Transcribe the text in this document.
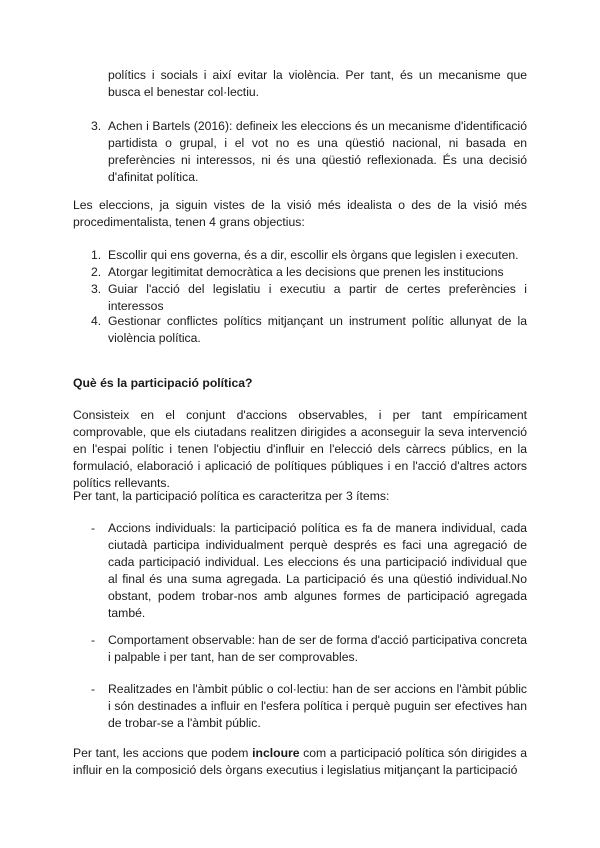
polítics i socials i així evitar la violència. Per tant, és un mecanisme que busca el benestar col·lectiu.

3. Achen i Bartels (2016): defineix les eleccions és un mecanisme d'identificació partidista o grupal, i el vot no es una qüestió nacional, ni basada en preferències ni interessos, ni és una qüestió reflexionada. És una decisió d'afinitat política.

Les eleccions, ja siguin vistes de la visió més idealista o des de la visió més procedimentalista, tenen 4 grans objectius:

1. Escollir qui ens governa, és a dir, escollir els òrgans que legislen i executen.

2. Atorgar legitimitat democràtica a les decisions que prenen les institucions

3. Guiar l'acció del legislatiu i executiu a partir de certes preferències i interessos

4. Gestionar conflictes polítics mitjançant un instrument polític allunyat de la violència política.

Què és la participació política?

Consisteix en el conjunt d'accions observables, i per tant empíricament comprovable, que els ciutadans realitzen dirigides a aconseguir la seva intervenció en l'espai polític i tenen l'objectiu d'influir en l'elecció dels càrrecs públics, en la formulació, elaboració i aplicació de polítiques públiques i en l'acció d'altres actors polítics rellevants.

Per tant, la participació política es caracteritza per 3 ítems:

- Accions individuals: la participació política es fa de manera individual, cada ciutadà participa individualment perquè després es faci una agregació de cada participació individual. Les eleccions és una participació individual que al final és una suma agregada. La participació és una qüestió individual.No obstant, podem trobar-nos amb algunes formes de participació agregada també.

- Comportament observable: han de ser de forma d'acció participativa concreta i palpable i per tant, han de ser comprovables.

- Realitzades en l'àmbit públic o col·lectiu: han de ser accions en l'àmbit públic i són destinades a influir en l'esfera política i perquè puguin ser efectives han de trobar-se a l'àmbit públic.

Per tant, les accions que podem incloure com a participació política són dirigides a influir en la composició dels òrgans executius i legislatius mitjançant la participació
